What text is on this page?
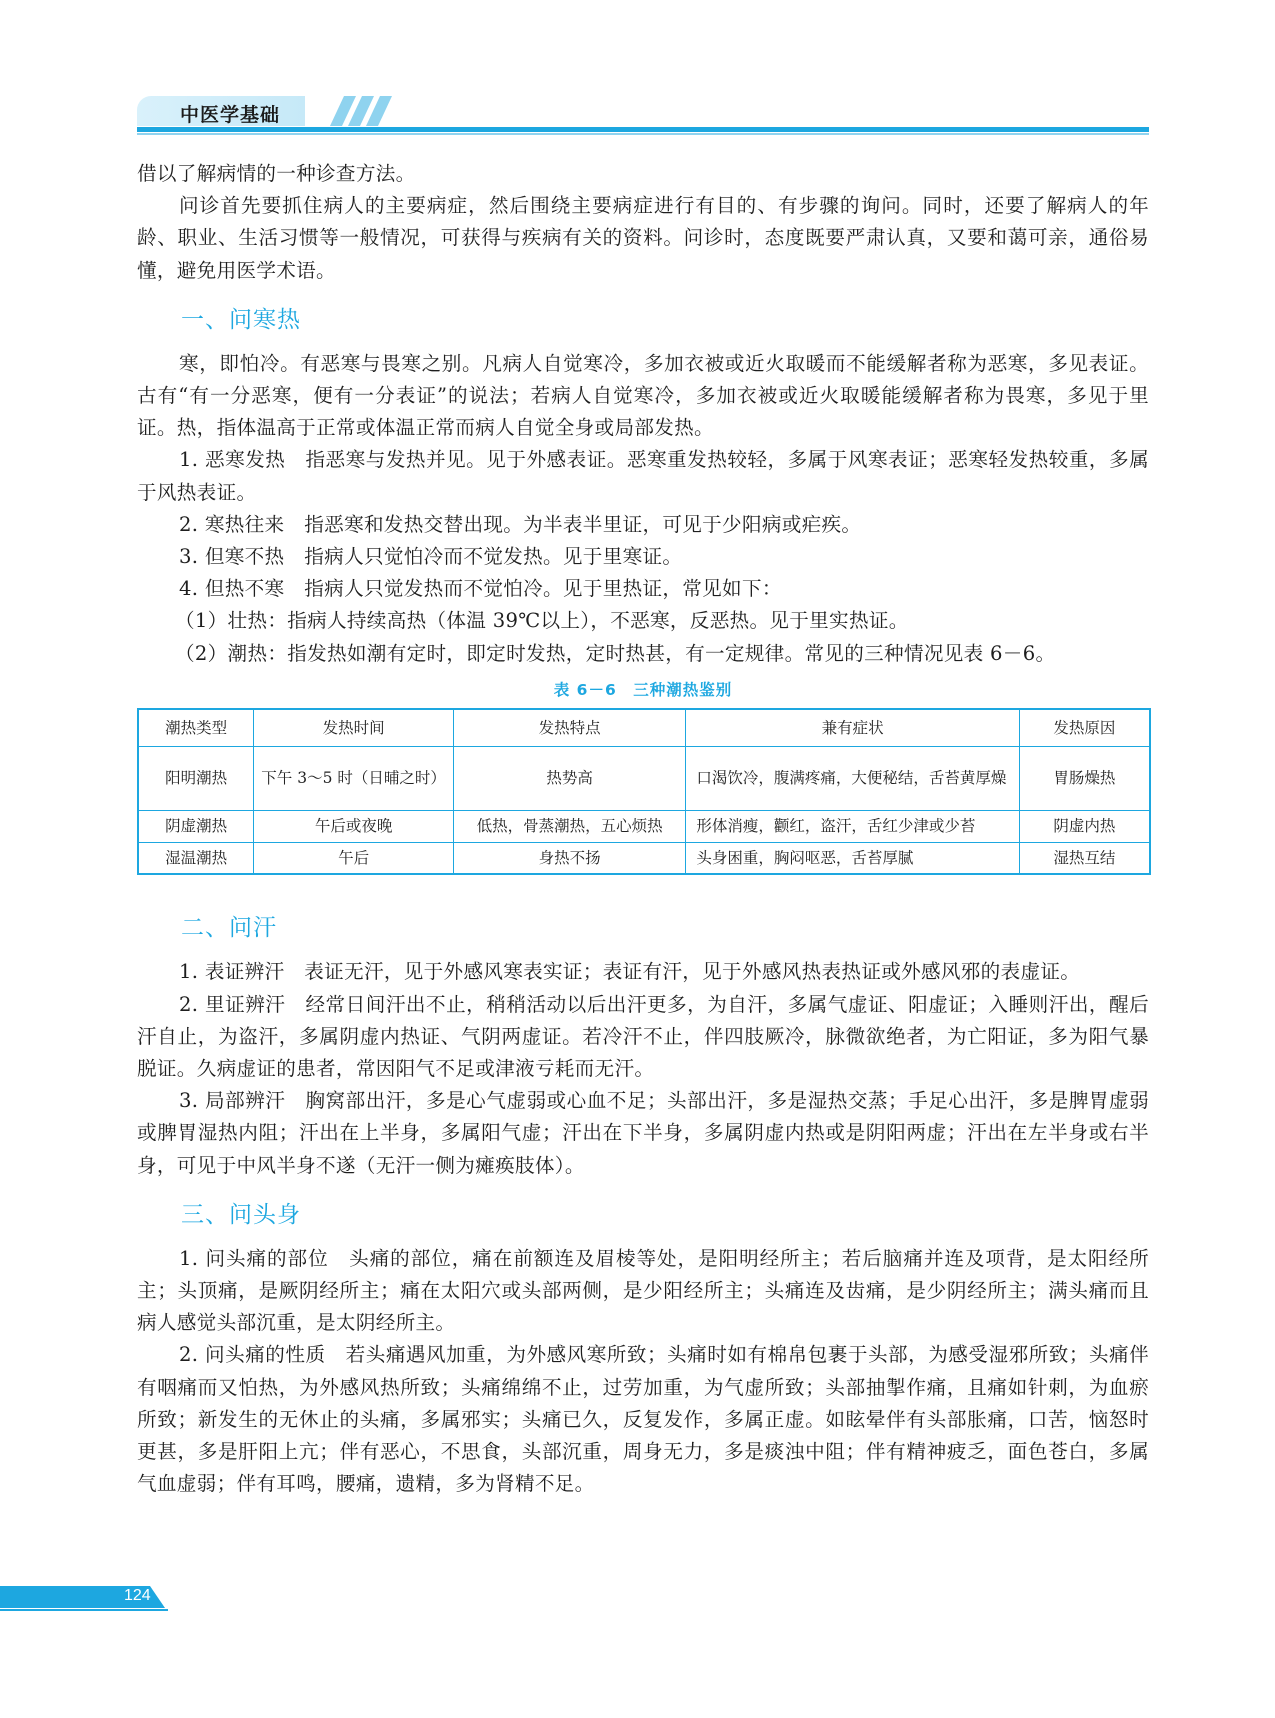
中医学基础

借以了解病情的一种诊查方法。

问诊首先要抓住病人的主要病症，然后围绕主要病症进行有目的、有步骤的询问。同时，还要了解病人的年龄、职业、生活习惯等一般情况，可获得与疾病有关的资料。问诊时，态度既要严肃认真，又要和蔼可亲，通俗易懂，避免用医学术语。

一、问寒热

寒，即怕冷。有恶寒与畏寒之别。凡病人自觉寒冷，多加衣被或近火取暖而不能缓解者称为恶寒，多见表证。古有“有一分恶寒，便有一分表证”的说法；若病人自觉寒冷，多加衣被或近火取暖能缓解者称为畏寒，多见于里证。热，指体温高于正常或体温正常而病人自觉全身或局部发热。

1. 恶寒发热　指恶寒与发热并见。见于外感表证。恶寒重发热较轻，多属于风寒表证；恶寒轻发热较重，多属于风热表证。

2. 寒热往来　指恶寒和发热交替出现。为半表半里证，可见于少阳病或疟疾。

3. 但寒不热　指病人只觉怕冷而不觉发热。见于里寒证。

4. 但热不寒　指病人只觉发热而不觉怕冷。见于里热证，常见如下：

（1）壮热：指病人持续高热（体温 39℃以上），不恶寒，反恶热。见于里实热证。

（2）潮热：指发热如潮有定时，即定时发热，定时热甚，有一定规律。常见的三种情况见表 6－6。

表 6－6　三种潮热鉴别

潮热类型	发热时间	发热特点	兼有症状	发热原因
阳明潮热	下午 3～5 时（日晡之时）	热势高	口渴饮冷，腹满疼痛，大便秘结，舌苔黄厚燥	胃肠燥热
阴虚潮热	午后或夜晚	低热，骨蒸潮热，五心烦热	形体消瘦，颧红，盗汗，舌红少津或少苔	阴虚内热
湿温潮热	午后	身热不扬	头身困重，胸闷呕恶，舌苔厚腻	湿热互结
二、问汗

1. 表证辨汗　表证无汗，见于外感风寒表实证；表证有汗，见于外感风热表热证或外感风邪的表虚证。

2. 里证辨汗　经常日间汗出不止，稍稍活动以后出汗更多，为自汗，多属气虚证、阳虚证；入睡则汗出，醒后汗自止，为盗汗，多属阴虚内热证、气阴两虚证。若冷汗不止，伴四肢厥冷，脉微欲绝者，为亡阳证，多为阳气暴脱证。久病虚证的患者，常因阳气不足或津液亏耗而无汗。

3. 局部辨汗　胸窝部出汗，多是心气虚弱或心血不足；头部出汗，多是湿热交蒸；手足心出汗，多是脾胃虚弱或脾胃湿热内阻；汗出在上半身，多属阳气虚；汗出在下半身，多属阴虚内热或是阴阳两虚；汗出在左半身或右半身，可见于中风半身不遂（无汗一侧为瘫痪肢体）。

三、问头身

1. 问头痛的部位　头痛的部位，痛在前额连及眉棱等处，是阳明经所主；若后脑痛并连及项背，是太阳经所主；头顶痛，是厥阴经所主；痛在太阳穴或头部两侧，是少阳经所主；头痛连及齿痛，是少阴经所主；满头痛而且病人感觉头部沉重，是太阴经所主。

2. 问头痛的性质　若头痛遇风加重，为外感风寒所致；头痛时如有棉帛包裹于头部，为感受湿邪所致；头痛伴有咽痛而又怕热，为外感风热所致；头痛绵绵不止，过劳加重，为气虚所致；头部抽掣作痛，且痛如针刺，为血瘀所致；新发生的无休止的头痛，多属邪实；头痛已久，反复发作，多属正虚。如眩晕伴有头部胀痛，口苦，恼怒时更甚，多是肝阳上亢；伴有恶心，不思食，头部沉重，周身无力，多是痰浊中阻；伴有精神疲乏，面色苍白，多属气血虚弱；伴有耳鸣，腰痛，遗精，多为肾精不足。

124
